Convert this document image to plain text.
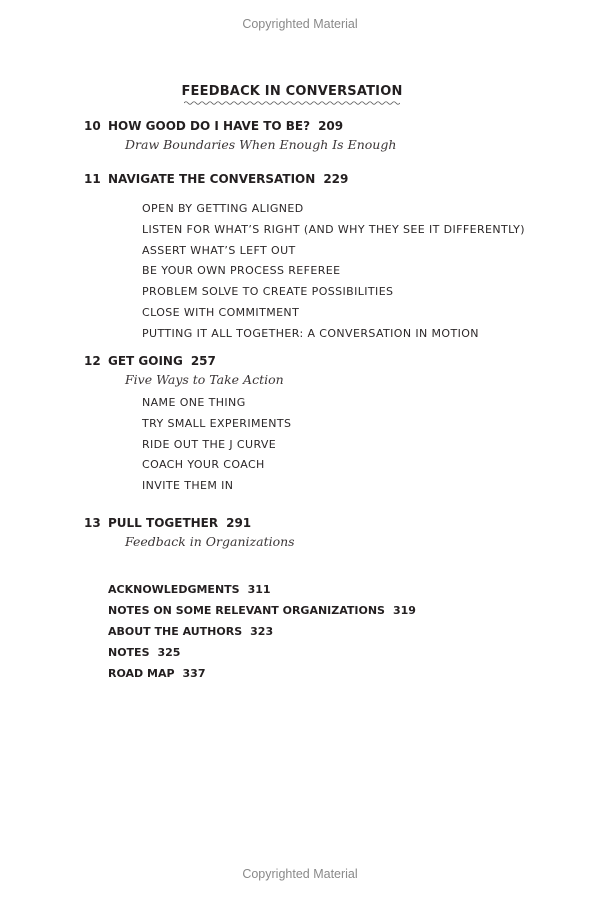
Copyrighted Material
FEEDBACK IN CONVERSATION
10 HOW GOOD DO I HAVE TO BE? 209
Draw Boundaries When Enough Is Enough
11 NAVIGATE THE CONVERSATION 229
OPEN BY GETTING ALIGNED
LISTEN FOR WHAT’S RIGHT (AND WHY THEY SEE IT DIFFERENTLY)
ASSERT WHAT’S LEFT OUT
BE YOUR OWN PROCESS REFEREE
PROBLEM SOLVE TO CREATE POSSIBILITIES
CLOSE WITH COMMITMENT
PUTTING IT ALL TOGETHER: A CONVERSATION IN MOTION
12 GET GOING 257
Five Ways to Take Action
NAME ONE THING
TRY SMALL EXPERIMENTS
RIDE OUT THE J CURVE
COACH YOUR COACH
INVITE THEM IN
13 PULL TOGETHER 291
Feedback in Organizations
ACKNOWLEDGMENTS 311
NOTES ON SOME RELEVANT ORGANIZATIONS 319
ABOUT THE AUTHORS 323
NOTES 325
ROAD MAP 337
Copyrighted Material
